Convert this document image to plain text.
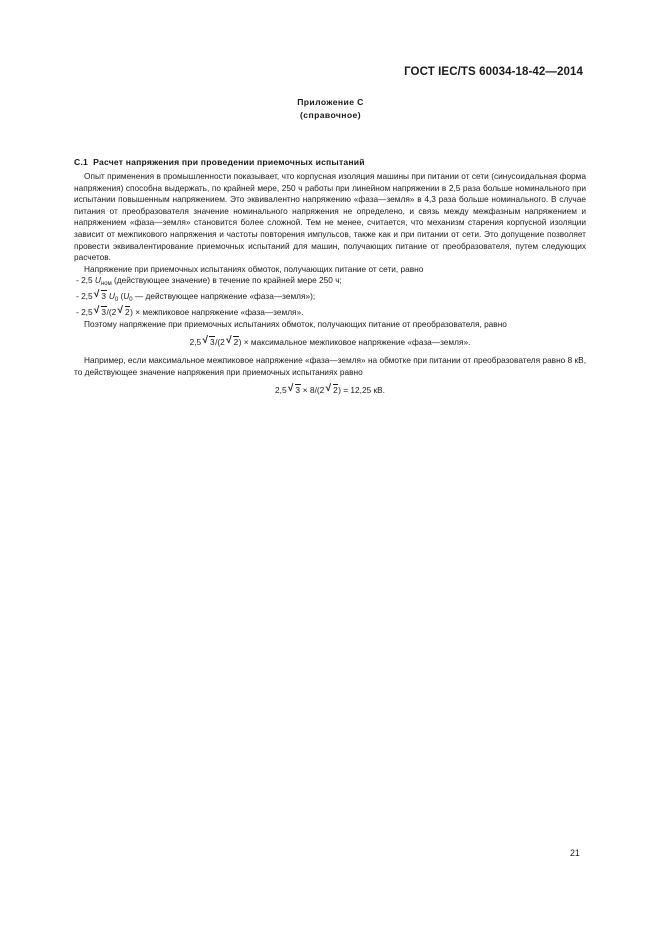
ГОСТ IEC/TS 60034-18-42—2014
Приложение С
(справочное)
С.1  Расчет напряжения при проведении приемочных испытаний

Опыт применения в промышленности показывает, что корпусная изоляция машины при питании от сети (синусоидальная форма напряжения) способна выдержать, по крайней мере, 250 ч работы при линейном напряжении в 2,5 раза больше номинального при испытании повышенным напряжением. Это эквивалентно напряжению «фаза—земля» в 4,3 раза больше номинального. В случае питания от преобразователя значение номинального напряжения не определено, и связь между межфазным напряжением и напряжением «фаза—земля» становится более сложной. Тем не менее, считается, что механизм старения корпусной изоляции зависит от межпикового напряжения и частоты повторения импульсов, также как и при питании от сети. Это допущение позволяет провести эквивалентирование приемочных испытаний для машин, получающих питание от преобразователя, путем следующих расчетов.

Напряжение при приемочных испытаниях обмоток, получающих питание от сети, равно

- 2,5 $U_{ном}$ (действующее значение) в течение по крайней мере 250 ч;
- 2,5 √ 3 $U_0$ ($U_0$ — действующее напряжение «фаза—земля»);
- 2,5 √ 3/(2 √ 2) × межпиковое напряжение «фаза—земля».

Поэтому напряжение при приемочных испытаниях обмоток, получающих питание от преобразователя, равно

2,5 √ 3/(2 √ 2) × максимальное межпиковое напряжение «фаза—земля».

Например, если максимальное межпиковое напряжение «фаза—земля» на обмотке при питании от преобразователя равно 8 кВ, то действующее значение напряжения при приемочных испытаниях равно

2,5 √ 3 × 8/(2 √ 2) = 12,25 кВ.
21
